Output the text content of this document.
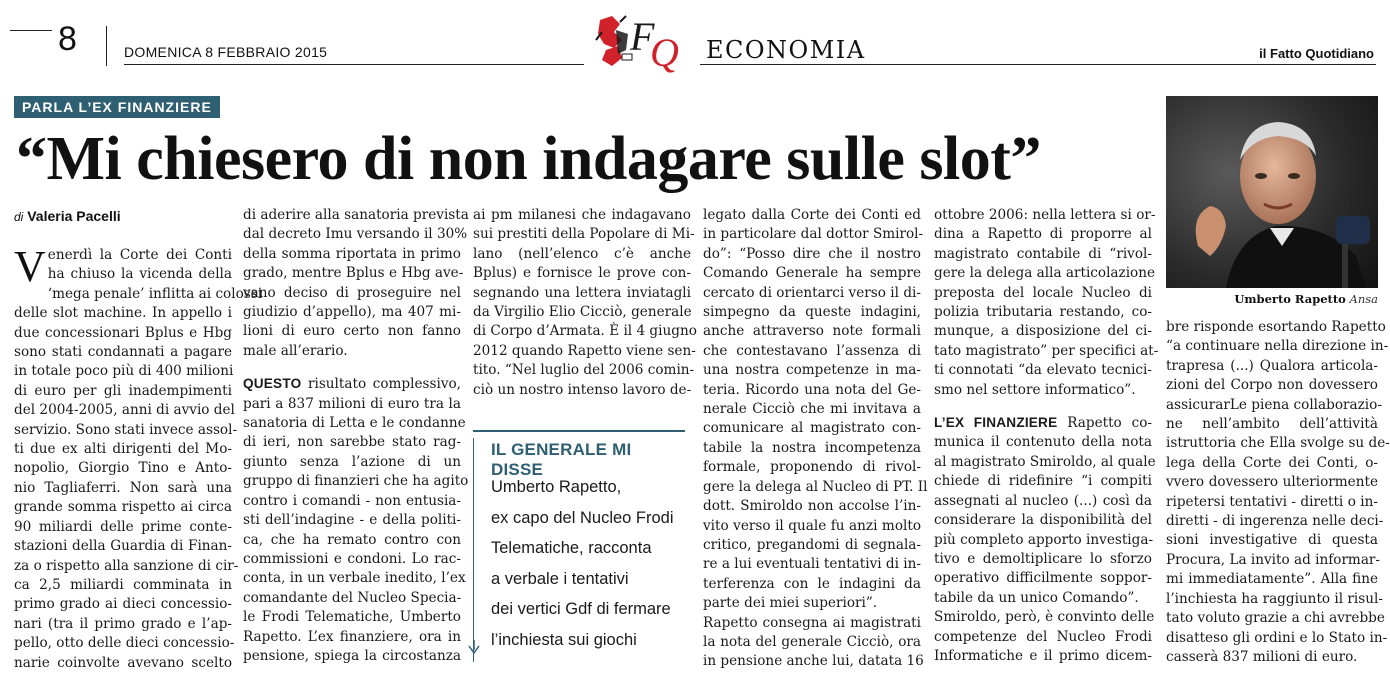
8	DOMENICA 8 FEBBRAIO 2015	F
Q ECONOMIA	il Fatto Quotidiano
PARLA L’EX FINANZIERE
“Mi chiesero di non indagare sulle slot”
Umberto Rapetto Ansa
di Valeria Pacelli
V enerdì la Corte dei Conti
ha chiuso la vicenda della
‘mega penale’ inflitta ai colossi
delle slot machine. In appello i
due concessionari Bplus e Hbg
sono stati condannati a pagare
in totale poco più di 400 milioni
di euro per gli inadempimenti
del 2004-2005, anni di avvio del
servizio. Sono stati invece assol-
ti due ex alti dirigenti del Mo-
nopolio, Giorgio Tino e Anto-
nio Tagliaferri. Non sarà una
grande somma rispetto ai circa
90 miliardi delle prime conte-
stazioni della Guardia di Finan-
za o rispetto alla sanzione di cir-
ca 2,5 miliardi comminata in
primo grado ai dieci concessio-
nari (tra il primo grado e l’ap-
pello, otto delle dieci concessio-
narie coinvolte avevano scelto
di aderire alla sanatoria prevista
dal decreto Imu versando il 30%
della somma riportata in primo
grado, mentre Bplus e Hbg ave-
vano deciso di proseguire nel
giudizio d’appello), ma 407 mi-
lioni di euro certo non fanno
male all’erario.
QUESTO risultato complessivo,
pari a 837 milioni di euro tra la
sanatoria di Letta e le condanne
di ieri, non sarebbe stato rag-
giunto senza l’azione di un
gruppo di finanzieri che ha agito
contro i comandi - non entusia-
sti dell’indagine - e della politi-
ca, che ha remato contro con
commissioni e condoni. Lo rac-
conta, in un verbale inedito, l’ex
comandante del Nucleo Specia-
le Frodi Telematiche, Umberto
Rapetto. L’ex finanziere, ora in
pensione, spiega la circostanza
ai pm milanesi che indagavano
sui prestiti della Popolare di Mi-
lano (nell’elenco c’è anche
Bplus) e fornisce le prove con-
segnando una lettera inviatagli
da Virgilio Elio Cicciò, generale
di Corpo d’Armata. È il 4 giugno
2012 quando Rapetto viene sen-
tito. “Nel luglio del 2006 comin-
ciò un nostro intenso lavoro de-
IL GENERALE MI DISSE
Umberto Rapetto,
ex capo del Nucleo Frodi
Telematiche, racconta
a verbale i tentativi
dei vertici Gdf di fermare
l’inchiesta sui giochi
legato dalla Corte dei Conti ed
in particolare dal dottor Smirol-
do”: “Posso dire che il nostro
Comando Generale ha sempre
cercato di orientarci verso il di-
simpegno da queste indagini,
anche attraverso note formali
che contestavano l’assenza di
una nostra competenze in ma-
teria. Ricordo una nota del Ge-
nerale Cicciò che mi invitava a
comunicare al magistrato con-
tabile la nostra incompetenza
formale, proponendo di rivol-
gere la delega al Nucleo di PT. Il
dott. Smiroldo non accolse l’in-
vito verso il quale fu anzi molto
critico, pregandomi di segnala-
re a lui eventuali tentativi di in-
terferenza con le indagini da
parte dei miei superiori”.
Rapetto consegna ai magistrati
la nota del generale Cicciò, ora
in pensione anche lui, datata 16
ottobre 2006: nella lettera si or-
dina a Rapetto di proporre al
magistrato contabile di “rivol-
gere la delega alla articolazione
preposta del locale Nucleo di
polizia tributaria restando, co-
munque, a disposizione del ci-
tato magistrato” per specifici at-
ti connotati “da elevato tecnici-
smo nel settore informatico”.
L’EX FINANZIERE Rapetto co-
munica il contenuto della nota
al magistrato Smiroldo, al quale
chiede di ridefinire “i compiti
assegnati al nucleo (...) così da
considerare la disponibilità del
più completo apporto investiga-
tivo e demoltiplicare lo sforzo
operativo difficilmente soppor-
tabile da un unico Comando”.
Smiroldo, però, è convinto delle
competenze del Nucleo Frodi
Informatiche e il primo dicem-
bre risponde esortando Rapetto
“a continuare nella direzione in-
trapresa (...) Qualora articola-
zioni del Corpo non dovessero
assicurarLe piena collaborazio-
ne nell’ambito dell’attività
istruttoria che Ella svolge su de-
lega della Corte dei Conti, o-
vvero dovessero ulteriormente
ripetersi tentativi - diretti o in-
diretti - di ingerenza nelle deci-
sioni investigative di questa
Procura, La invito ad informar-
mi immediatamente”. Alla fine
l’inchiesta ha raggiunto il risul-
tato voluto grazie a chi avrebbe
disatteso gli ordini e lo Stato in-
casserà 837 milioni di euro.
